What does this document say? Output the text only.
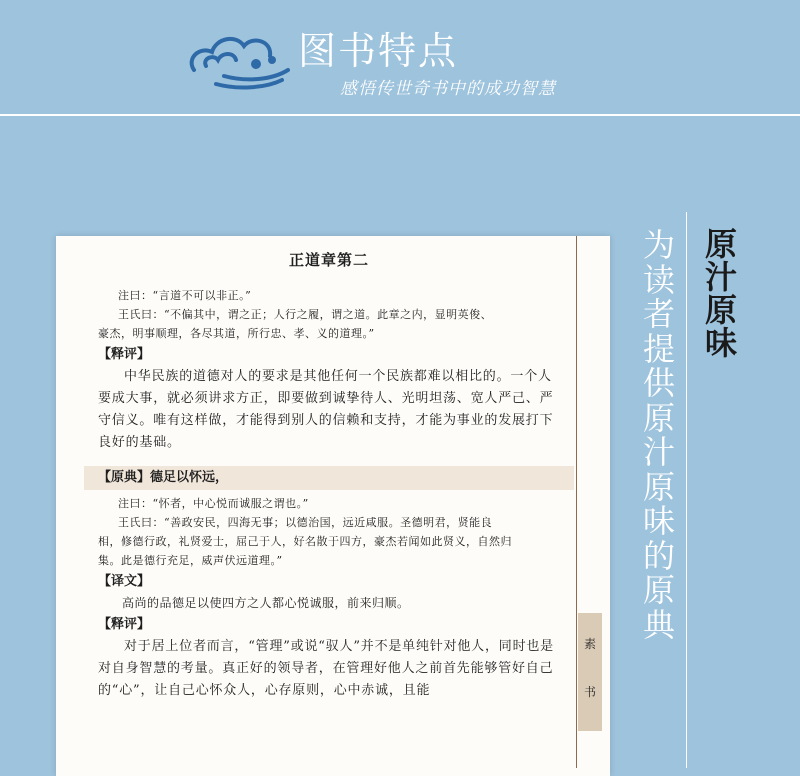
图书特点
感悟传世奇书中的成功智慧
素
书
正道章第二

注曰：“言道不可以非正。”

王氏曰：“不偏其中，谓之正；人行之履，谓之道。此章之内，显明英俊、

豪杰，明事顺理，各尽其道，所行忠、孝、义的道理。”

【释评】

中华民族的道德对人的要求是其他任何一个民族都难以相比的。一个人要成大事，就必须讲求方正，即要做到诚挚待人、光明坦荡、宽人严己、严守信义。唯有这样做，才能得到别人的信赖和支持，才能为事业的发展打下良好的基础。

【原典】德足以怀远，

注曰：“怀者，中心悦而诚服之谓也。”

王氏曰：“善政安民，四海无事；以德治国，远近咸服。圣德明君，贤能良

相，修德行政，礼贤爱士，屈己于人，好名散于四方，豪杰若闻如此贤义，自然归

集。此是德行充足，威声伏远道理。”

【译文】

高尚的品德足以使四方之人都心悦诚服，前来归顺。

【释评】

对于居上位者而言，“管理”或说“驭人”并不是单纯针对他人，同时也是对自身智慧的考量。真正好的领导者，在管理好他人之前首先能够管好自己的“心”，让自己心怀众人，心存原则，心中赤诚，且能

原
汁
原
味
为
读
者
提
供
原
汁
原
味
的
原
典
